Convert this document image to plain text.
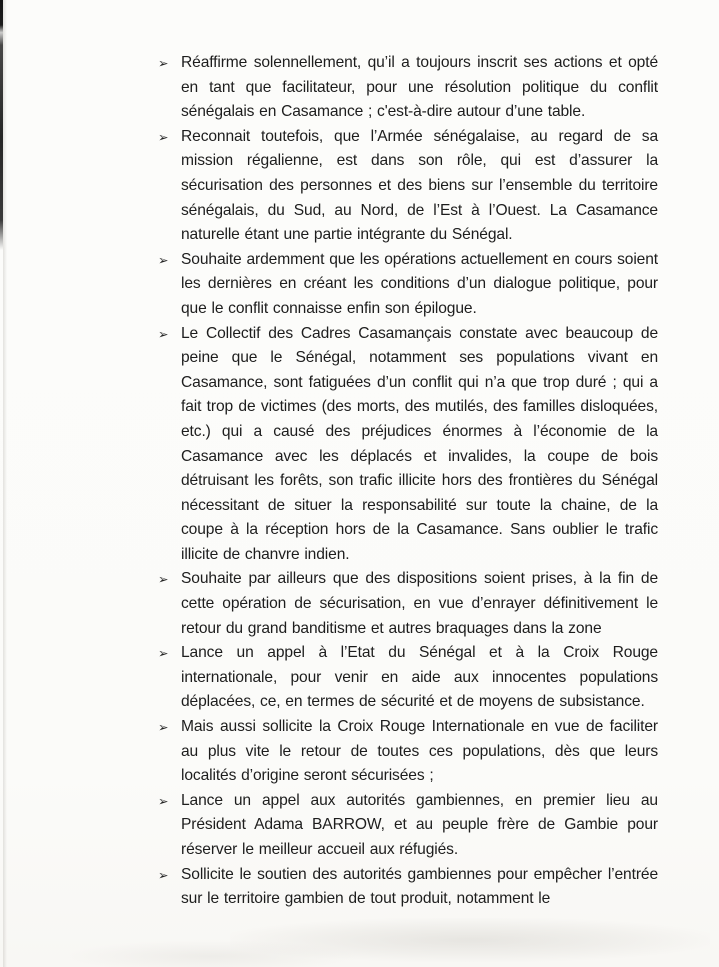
➢ Réaffirme solennellement, qu’il a toujours inscrit ses actions et opté en tant que facilitateur, pour une résolution politique du conflit sénégalais en Casamance ; c'est-à-dire autour d’une table.

➢ Reconnait toutefois, que l’Armée sénégalaise, au regard de sa mission régalienne, est dans son rôle, qui est d’assurer la sécurisation des personnes et des biens sur l’ensemble du territoire sénégalais, du Sud, au Nord, de l’Est à l’Ouest. La Casamance naturelle étant une partie intégrante du Sénégal.

➢ Souhaite ardemment que les opérations actuellement en cours soient les dernières en créant les conditions d’un dialogue politique, pour que le conflit connaisse enfin son épilogue.

➢ Le Collectif des Cadres Casamançais constate avec beaucoup de peine que le Sénégal, notamment ses populations vivant en Casamance, sont fatiguées d’un conflit qui n’a que trop duré ; qui a fait trop de victimes (des morts, des mutilés, des familles disloquées, etc.) qui a causé des préjudices énormes à l’économie de la Casamance avec les déplacés et invalides, la coupe de bois détruisant les forêts, son trafic illicite hors des frontières du Sénégal nécessitant de situer la responsabilité sur toute la chaine, de la coupe à la réception hors de la Casamance. Sans oublier le trafic illicite de chanvre indien.

➢ Souhaite par ailleurs que des dispositions soient prises, à la fin de cette opération de sécurisation, en vue d’enrayer définitivement le retour du grand banditisme et autres braquages dans la zone

➢ Lance un appel à l’Etat du Sénégal et à la Croix Rouge internationale, pour venir en aide aux innocentes populations déplacées, ce, en termes de sécurité et de moyens de subsistance.

➢ Mais aussi sollicite la Croix Rouge Internationale en vue de faciliter au plus vite le retour de toutes ces populations, dès que leurs localités d’origine seront sécurisées ;

➢ Lance un appel aux autorités gambiennes, en premier lieu au Président Adama BARROW, et au peuple frère de Gambie pour réserver le meilleur accueil aux réfugiés.

➢ Sollicite le soutien des autorités gambiennes pour empêcher l’entrée sur le territoire gambien de tout produit, notamment le
